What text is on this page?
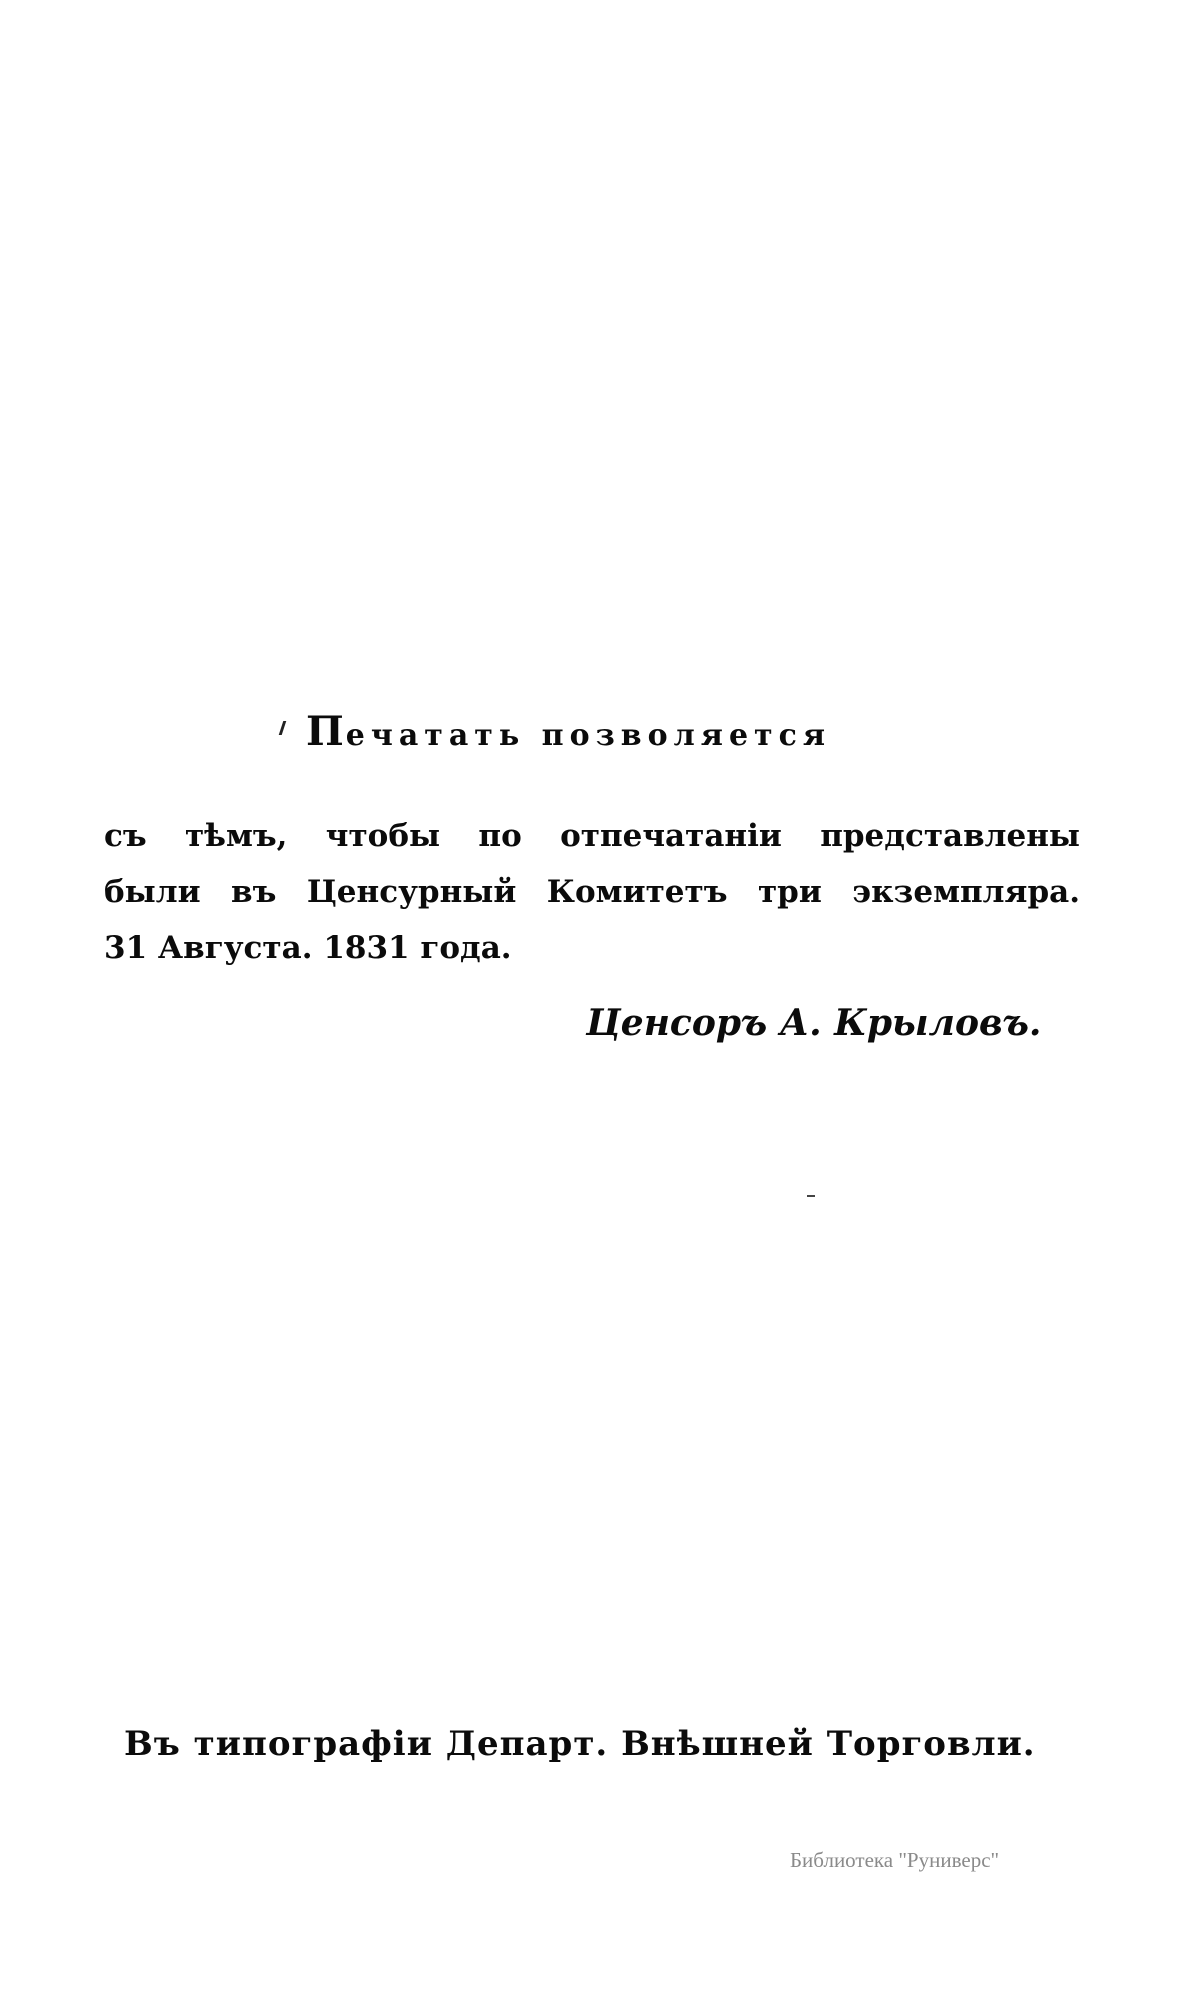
Печатать позволяется
съ тѣмъ, чтобы по отпечатаніи представлены
были въ Ценсурный Комитетъ три экземпляра.
31 Августа. 1831 года.
Ценсоръ А. Крыловъ.
Въ типографіи Департ. Внѣшней Торговли.
Библиотека "Руниверс"
